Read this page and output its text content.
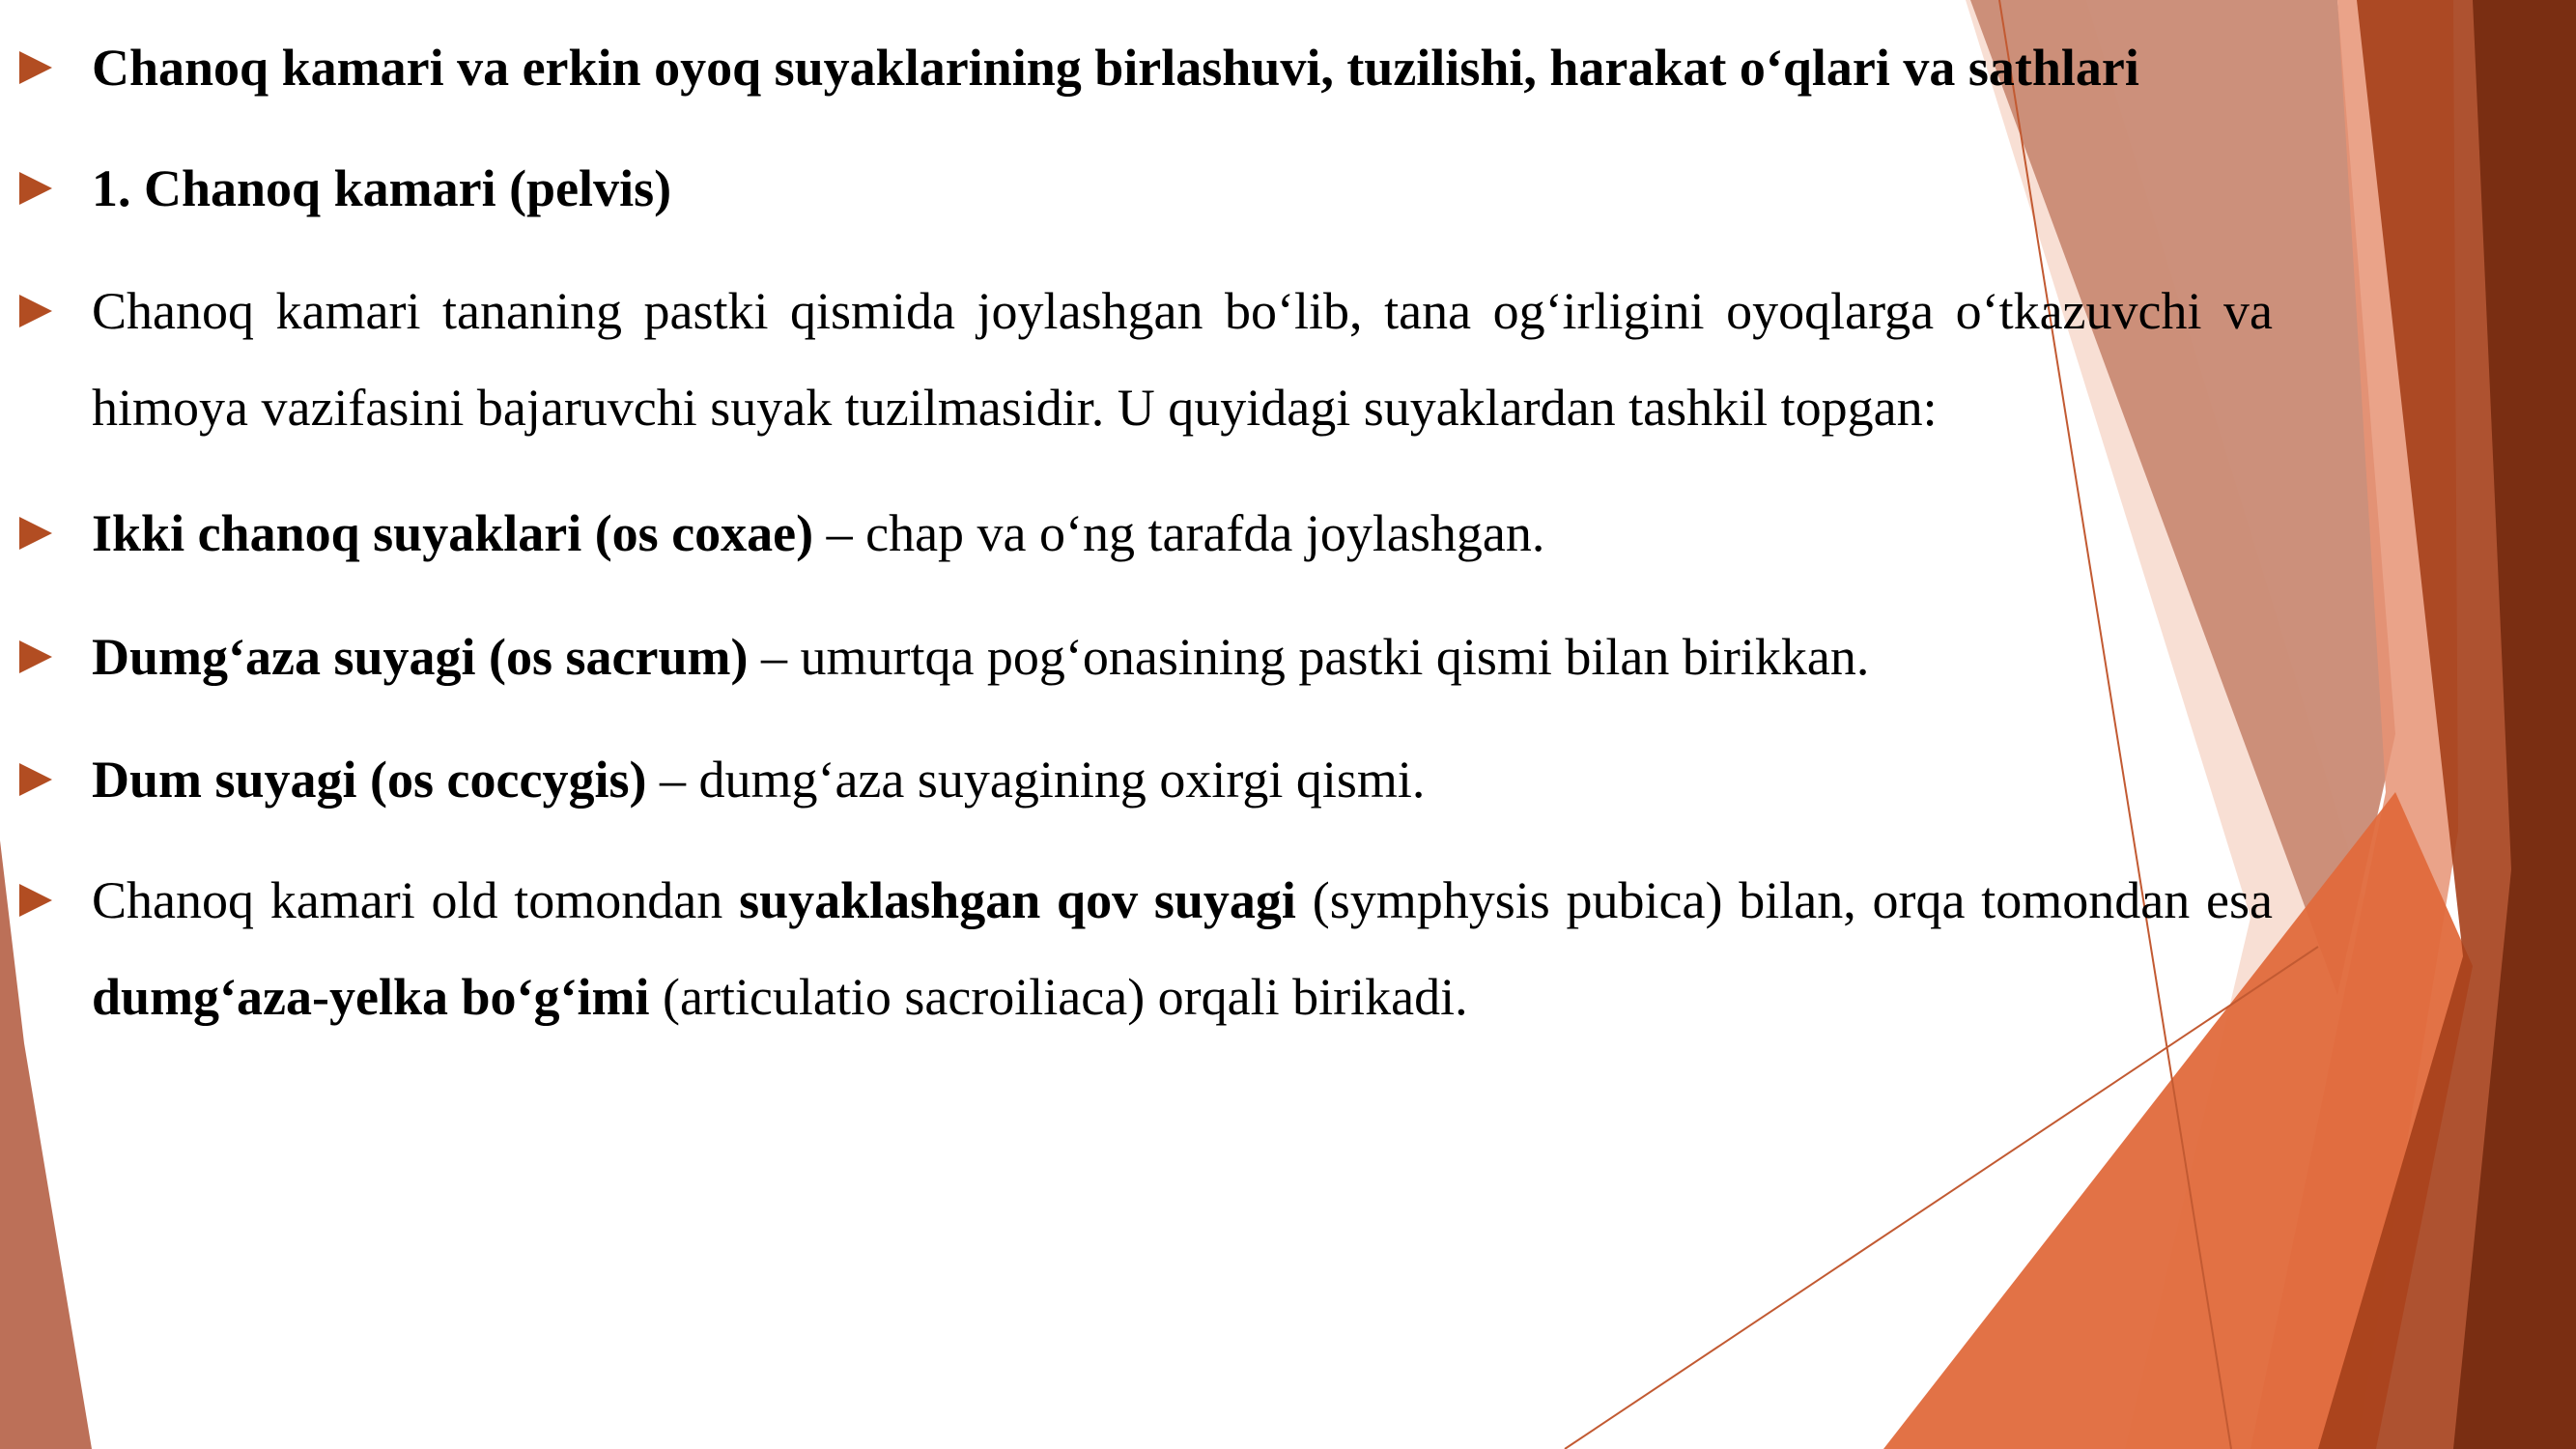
Chanoq kamari va erkin oyoq suyaklarining birlashuvi, tuzilishi, harakat o‘qlari va sathlari

1. Chanoq kamari (pelvis)

Chanoq kamari tananing pastki qismida joylashgan bo‘lib, tana og‘irligini oyoqlarga o‘tkazuvchi va himoya vazifasini bajaruvchi suyak tuzilmasidir. U quyidagi suyaklardan tashkil topgan:

Ikki chanoq suyaklari (os coxae) – chap va o‘ng tarafda joylashgan.

Dumg‘aza suyagi (os sacrum) – umurtqa pog‘onasining pastki qismi bilan birikkan.

Dum suyagi (os coccygis) – dumg‘aza suyagining oxirgi qismi.

Chanoq kamari old tomondan suyaklashgan qov suyagi (symphysis pubica) bilan, orqa tomondan esa dumg‘aza-yelka bo‘g‘imi (articulatio sacroiliaca) orqali birikadi.
